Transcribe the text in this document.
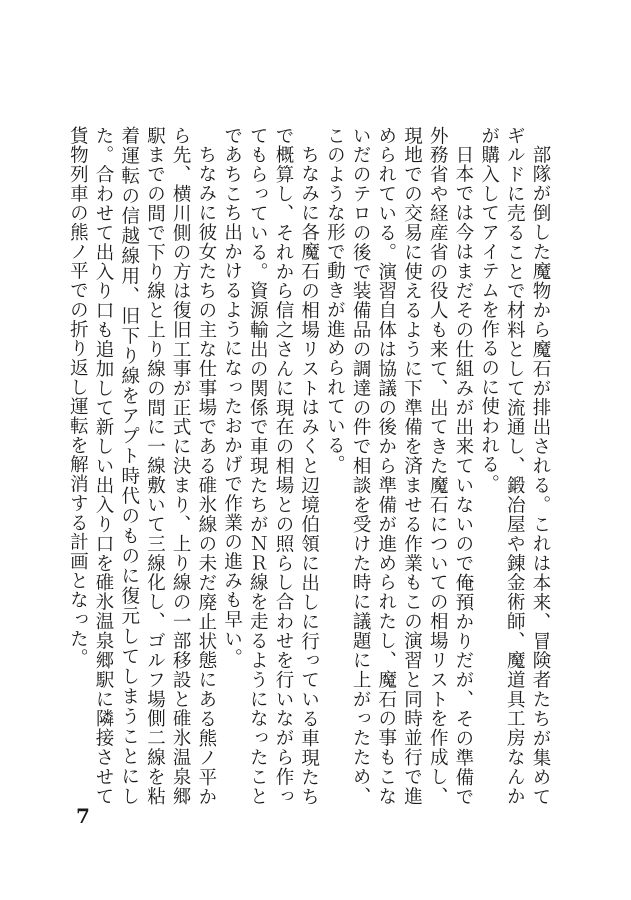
部隊が倒した魔物から魔石が排出される。これは本来、冒険者たちが集めてギルドに売ることで材料として流通し、鍛冶屋や錬金術師、魔道具工房なんかが購入してアイテムを作るのに使われる。

日本では今はまだその仕組みが出来ていないので俺預かりだが、その準備で外務省や経産省の役人も来て、出てきた魔石についての相場リストを作成し、現地での交易に使えるように下準備を済ませる作業もこの演習と同時並行で進められている。演習自体は協議の後から準備が進められたし、魔石の事もこないだのテロの後で装備品の調達の件で相談を受けた時に議題に上がったため、このような形で動きが進められている。

ちなみに各魔石の相場リストはみくと辺境伯領に出しに行っている車現たちで概算し、それから信之さんに現在の相場との照らし合わせを行いながら作ってもらっている。資源輸出の関係で車現たちがＮＲ線を走るようになったことであちこち出かけるようになったおかげで作業の進みも早い。

ちなみに彼女たちの主な仕事場である碓氷線の未だ廃止状態にある熊ノ平から先、横川側の方は復旧工事が正式に決まり、上り線の一部移設と碓氷温泉郷駅までの間で下り線と上り線の間に一線敷いて三線化し、ゴルフ場側二線を粘着運転の信越線用、旧下り線をアプト時代のものに復元してしまうことにした。合わせて出入り口も追加して新しい出入り口を碓氷温泉郷駅に隣接させて貨物列車の熊ノ平での折り返し運転を解消する計画となった。

7
